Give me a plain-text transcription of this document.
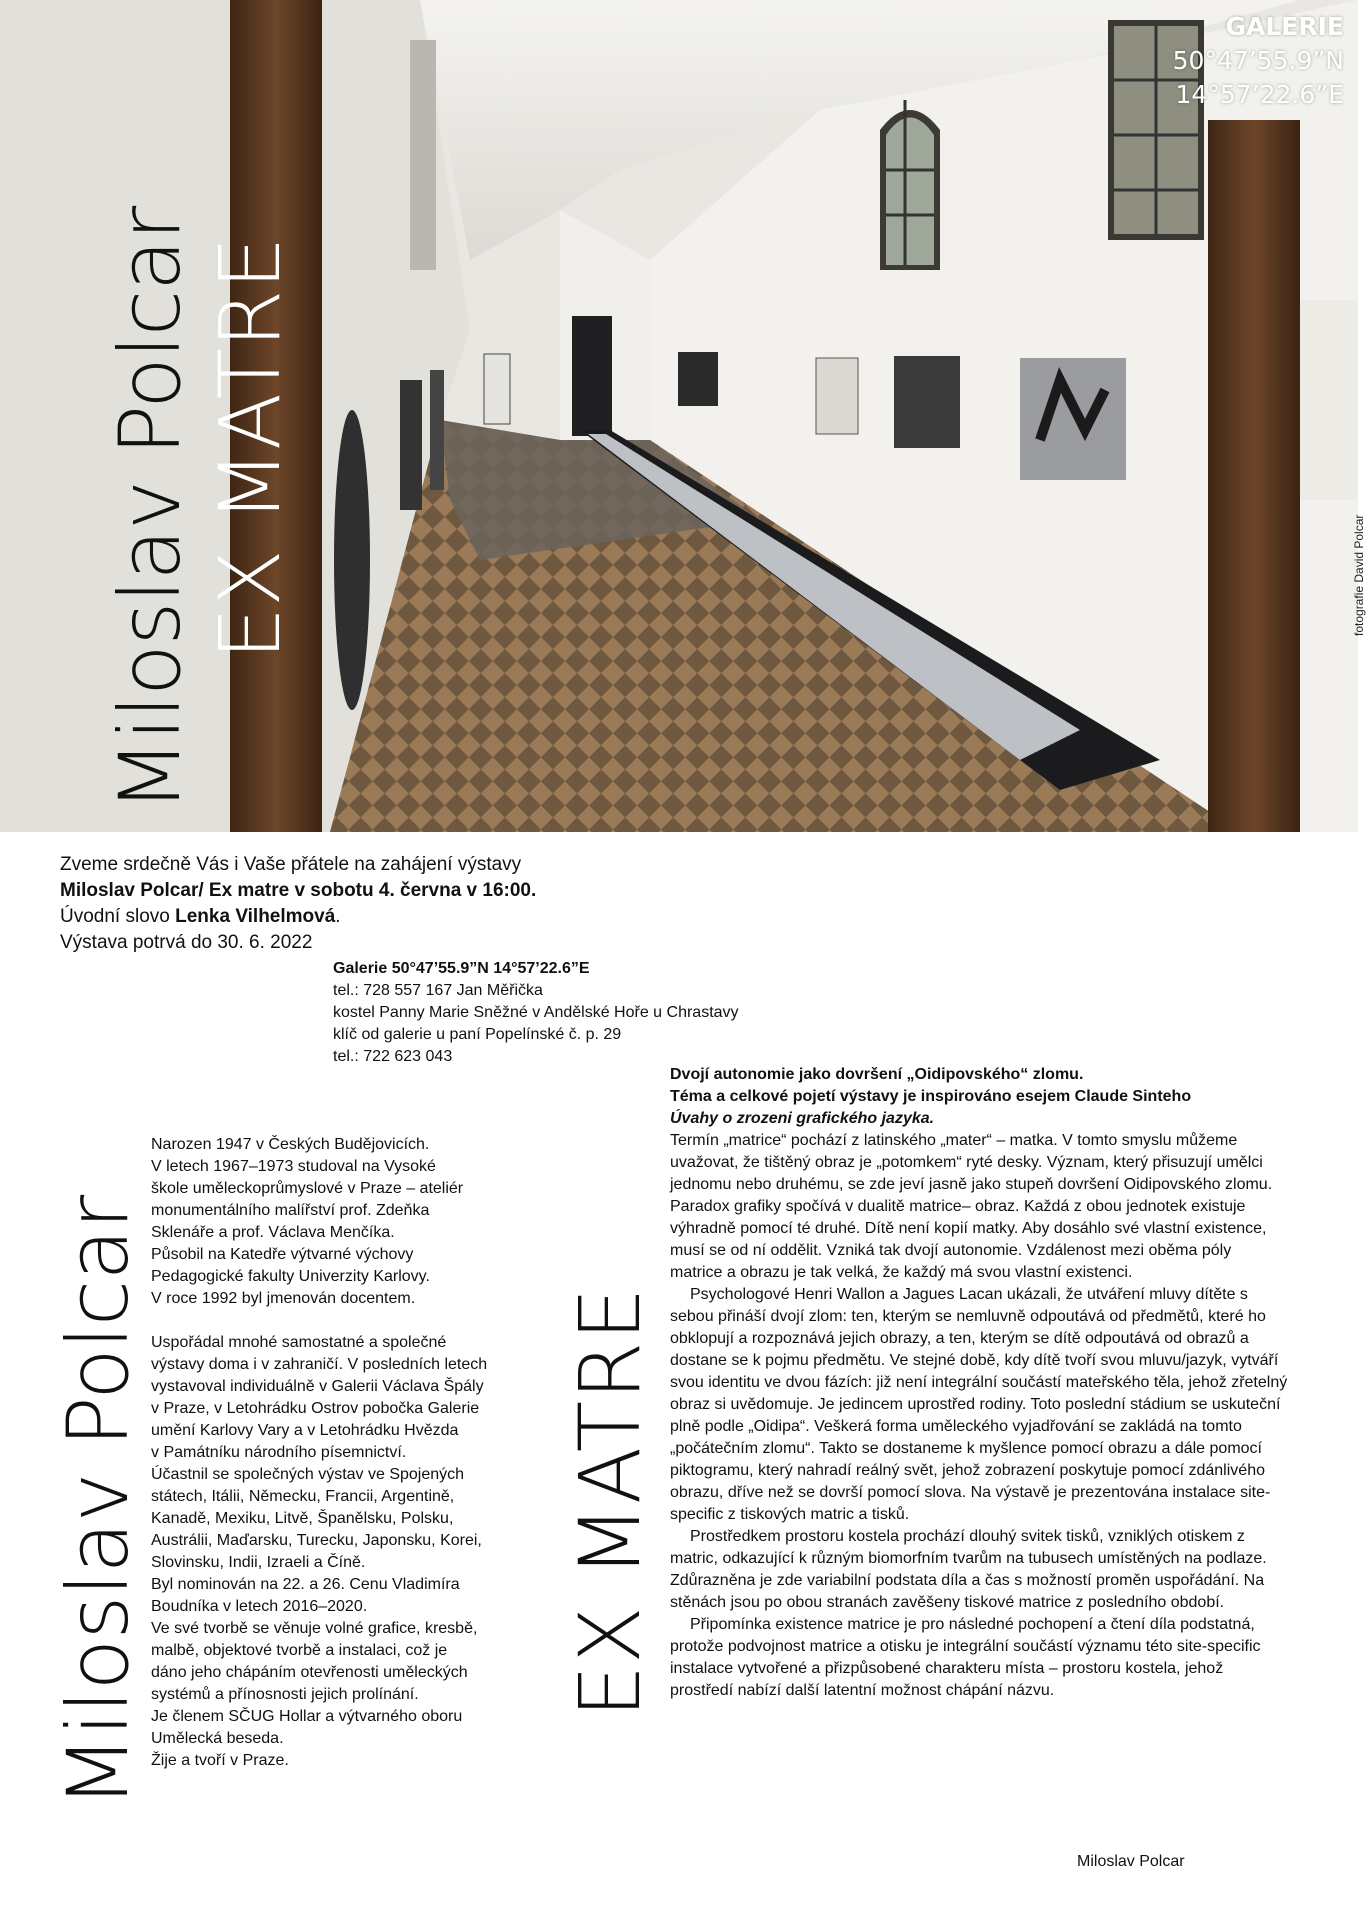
Miloslav Polcar EX MATRE
GALERIE
50°47’55.9”N
14°57’22.6”E
fotografie David Polcar
Zveme srdečně Vás i Vaše přátele na zahájení výstavy
Miloslav Polcar/ Ex matre v sobotu 4. června v 16:00.
Úvodní slovo Lenka Vilhelmová.
Výstava potrvá do 30. 6. 2022
Galerie 50°47’55.9”N 14°57’22.6”E
tel.: 728 557 167 Jan Měřička
kostel Panny Marie Sněžné v Andělské Hoře u Chrastavy
klíč od galerie u paní Popelínské č. p. 29
tel.: 722 623 043
Miloslav Polcar

Narozen 1947 v Českých Budějovicích.

V letech 1967–1973 studoval na Vysoké

škole uměleckoprůmyslové v Praze – ateliér

monumentálního malířství prof. Zdeňka

Sklenáře a prof. Václava Menčíka.

Působil na Katedře výtvarné výchovy

Pedagogické fakulty Univerzity Karlovy.

V roce 1992 byl jmenován docentem.

Uspořádal mnohé samostatné a společné

výstavy doma i v zahraničí. V posledních letech

vystavoval individuálně v Galerii Václava Špály

v Praze, v Letohrádku Ostrov pobočka Galerie

umění Karlovy Vary a v Letohrádku Hvězda

v Památníku národního písemnictví.

Účastnil se společných výstav ve Spojených

státech, Itálii, Německu, Francii, Argentině,

Kanadě, Mexiku, Litvě, Španělsku, Polsku,

Austrálii, Maďarsku, Turecku, Japonsku, Korei,

Slovinsku, Indii, Izraeli a Číně.

Byl nominován na 22. a 26. Cenu Vladimíra

Boudníka v letech 2016–2020.

Ve své tvorbě se věnuje volné grafice, kresbě,

malbě, objektové tvorbě a instalaci, což je

dáno jeho chápáním otevřenosti uměleckých

systémů a přínosnosti jejich prolínání.

Je členem SČUG Hollar a výtvarného oboru

Umělecká beseda.

Žije a tvoří v Praze.

EX MATRE

Dvojí autonomie jako dovršení „Oidipovského“ zlomu.

Téma a celkové pojetí výstavy je inspirováno esejem Claude Sinteho

Úvahy o zrozeni grafického jazyka.

Termín „matrice“ pochází z latinského „mater“ – matka. V tomto smyslu můžeme uvažovat, že tištěný obraz je „potomkem“ ryté desky. Význam, který přisuzují umělci jednomu nebo druhému, se zde jeví jasně jako stupeň dovršení Oidipovského zlomu. Paradox grafiky spočívá v dualitě matrice– obraz. Každá z obou jednotek existuje výhradně pomocí té druhé. Dítě není kopií matky. Aby dosáhlo své vlastní existence, musí se od ní oddělit. Vzniká tak dvojí autonomie. Vzdálenost mezi oběma póly matrice a obrazu je tak velká, že každý má svou vlastní existenci.

Psychologové Henri Wallon a Jagues Lacan ukázali, že utváření mluvy dítěte s sebou přináší dvojí zlom: ten, kterým se nemluvně odpoutává od předmětů, které ho obklopují a rozpoznává jejich obrazy, a ten, kterým se dítě odpoutává od obrazů a dostane se k pojmu předmětu. Ve stejné době, kdy dítě tvoří svou mluvu/jazyk, vytváří svou identitu ve dvou fázích: již není integrální součástí mateřského těla, jehož zřetelný obraz si uvědomuje. Je jedincem uprostřed rodiny. Toto poslední stádium se uskuteční plně podle „Oidipa“. Veškerá forma uměleckého vyjadřování se zakládá na tomto „počátečním zlomu“. Takto se dostaneme k myšlence pomocí obrazu a dále pomocí piktogramu, který nahradí reálný svět, jehož zobrazení poskytuje pomocí zdánlivého obrazu, dříve než se dovrší pomocí slova. Na výstavě je prezentována instalace site-specific z tiskových matric a tisků.

Prostředkem prostoru kostela prochází dlouhý svitek tisků, vzniklých otiskem z matric, odkazující k různým biomorfním tvarům na tubusech umístěných na podlaze. Zdůrazněna je zde variabilní podstata díla a čas s možností proměn uspořádání. Na stěnách jsou po obou stranách zavěšeny tiskové matrice z posledního období.

Připomínka existence matrice je pro následné pochopení a čtení díla podstatná, protože podvojnost matrice a otisku je integrální součástí významu této site-specific instalace vytvořené a přizpůsobené charakteru místa – prostoru kostela, jehož prostředí nabízí další latentní možnost chápání názvu.

Miloslav Polcar
